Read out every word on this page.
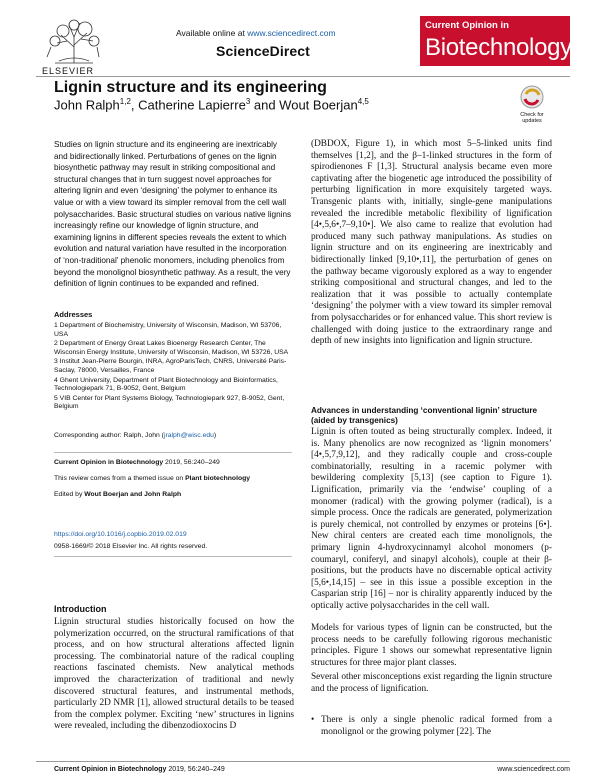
ELSEVIER
Available online at www.sciencedirect.com
ScienceDirect
Current Opinion in
Biotechnology
Lignin structure and its engineering
John Ralph$^{1,2}$, Catherine Lapierre$^3$ and Wout Boerjan$^{4,5}$
Check for updates
Studies on lignin structure and its engineering are inextricably and bidirectionally linked. Perturbations of genes on the lignin biosynthetic pathway may result in striking compositional and structural changes that in turn suggest novel approaches for altering lignin and even ‘designing’ the polymer to enhance its value or with a view toward its simpler removal from the cell wall polysaccharides. Basic structural studies on various native lignins increasingly refine our knowledge of lignin structure, and examining lignins in different species reveals the extent to which evolution and natural variation have resulted in the incorporation of ‘non-traditional’ phenolic monomers, including phenolics from beyond the monolignol biosynthetic pathway. As a result, the very definition of lignin continues to be expanded and refined.
Addresses

1 Department of Biochemistry, University of Wisconsin, Madison, WI 53706, USA

2 Department of Energy Great Lakes Bioenergy Research Center, The Wisconsin Energy Institute, University of Wisconsin, Madison, WI 53726, USA

3 Institut Jean-Pierre Bourgin, INRA, AgroParisTech, CNRS, Université Paris-Saclay, 78000, Versailles, France

4 Ghent University, Department of Plant Biotechnology and Bioinformatics, Technologiepark 71, B-9052, Gent, Belgium

5 VIB Center for Plant Systems Biology, Technologiepark 927, B-9052, Gent, Belgium

Corresponding author: Ralph, John (jralph@wisc.edu)
Current Opinion in Biotechnology 2019, 56:240–249
This review comes from a themed issue on Plant biotechnology
Edited by Wout Boerjan and John Ralph
https://doi.org/10.1016/j.copbio.2019.02.019
0958-1669/© 2018 Elsevier Inc. All rights reserved.
Introduction
Lignin structural studies historically focused on how the polymerization occurred, on the structural ramifications of that process, and on how structural alterations affected lignin processing. The combinatorial nature of the radical coupling reactions fascinated chemists. New analytical methods improved the characterization of traditional and newly discovered structural features, and instrumental methods, particularly 2D NMR [1], allowed structural details to be teased from the complex polymer. Exciting ‘new’ structures in lignins were revealed, including the dibenzodioxocins D
(DBDOX, Figure 1), in which most 5–5-linked units find themselves [1,2], and the β–1-linked structures in the form of spirodienones F [1,3]. Structural analysis became even more captivating after the biogenetic age introduced the possibility of perturbing lignification in more exquisitely targeted ways. Transgenic plants with, initially, single-gene manipulations revealed the incredible metabolic flexibility of lignification [4•,5,6•,7–9,10•]. We also came to realize that evolution had produced many such pathway manipulations. As studies on lignin structure and on its engineering are inextricably and bidirectionally linked [9,10•,11], the perturbation of genes on the pathway became vigorously explored as a way to engender striking compositional and structural changes, and led to the realization that it was possible to actually contemplate ‘designing’ the polymer with a view toward its simpler removal from polysaccharides or for enhanced value. This short review is challenged with doing justice to the extraordinary range and depth of new insights into lignification and lignin structure.
Advances in understanding ‘conventional lignin’ structure (aided by transgenics)
Lignin is often touted as being structurally complex. Indeed, it is. Many phenolics are now recognized as ‘lignin monomers’ [4•,5,7,9,12], and they radically couple and cross-couple combinatorially, resulting in a racemic polymer with bewildering complexity [5,13] (see caption to Figure 1). Lignification, primarily via the ‘endwise’ coupling of a monomer (radical) with the growing polymer (radical), is a simple process. Once the radicals are generated, polymerization is purely chemical, not controlled by enzymes or proteins [6•]. New chiral centers are created each time monolignols, the primary lignin 4-hydroxycinnamyl alcohol monomers (p-coumaryl, coniferyl, and sinapyl alcohols), couple at their β-positions, but the products have no discernable optical activity [5,6•,14,15] – see in this issue a possible exception in the Casparian strip [16] – nor is chirality apparently induced by the optically active polysaccharides in the cell wall.
Models for various types of lignin can be constructed, but the process needs to be carefully following rigorous mechanistic principles. Figure 1 shows our somewhat representative lignin structures for three major plant classes.
Several other misconceptions exist regarding the lignin structure and the process of lignification.
• There is only a single phenolic radical formed from a monolignol or the growing polymer [22]. The
Current Opinion in Biotechnology 2019, 56:240–249	www.sciencedirect.com
